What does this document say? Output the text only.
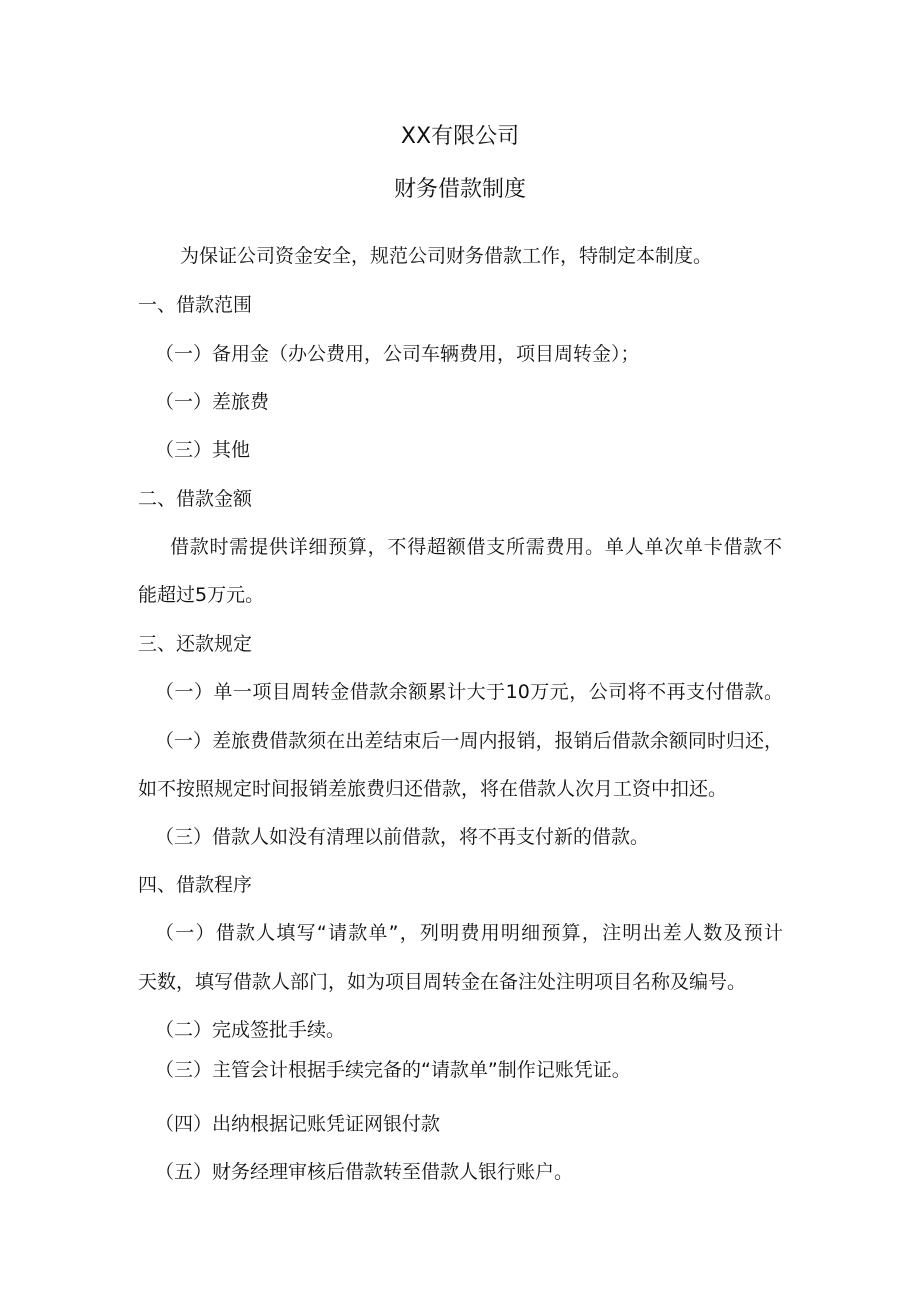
XX有限公司
财务借款制度
为保证公司资金安全，规范公司财务借款工作，特制定本制度。
一、借款范围
（一）备用金（办公费用，公司车辆费用，项目周转金）；
（一）差旅费
（三）其他
二、借款金额
借款时需提供详细预算，不得超额借支所需费用。单人单次单卡借款不
能超过5万元。
三、还款规定
（一）单一项目周转金借款余额累计大于10万元，公司将不再支付借款。
（一）差旅费借款须在出差结束后一周内报销，报销后借款余额同时归还，
如不按照规定时间报销差旅费归还借款，将在借款人次月工资中扣还。
（三）借款人如没有清理以前借款，将不再支付新的借款。
四、借款程序
（一）借款人填写“请款单”，列明费用明细预算，注明出差人数及预计
天数，填写借款人部门，如为项目周转金在备注处注明项目名称及编号。
（二）完成签批手续。
（三）主管会计根据手续完备的“请款单”制作记账凭证。
（四）出纳根据记账凭证网银付款
（五）财务经理审核后借款转至借款人银行账户。
